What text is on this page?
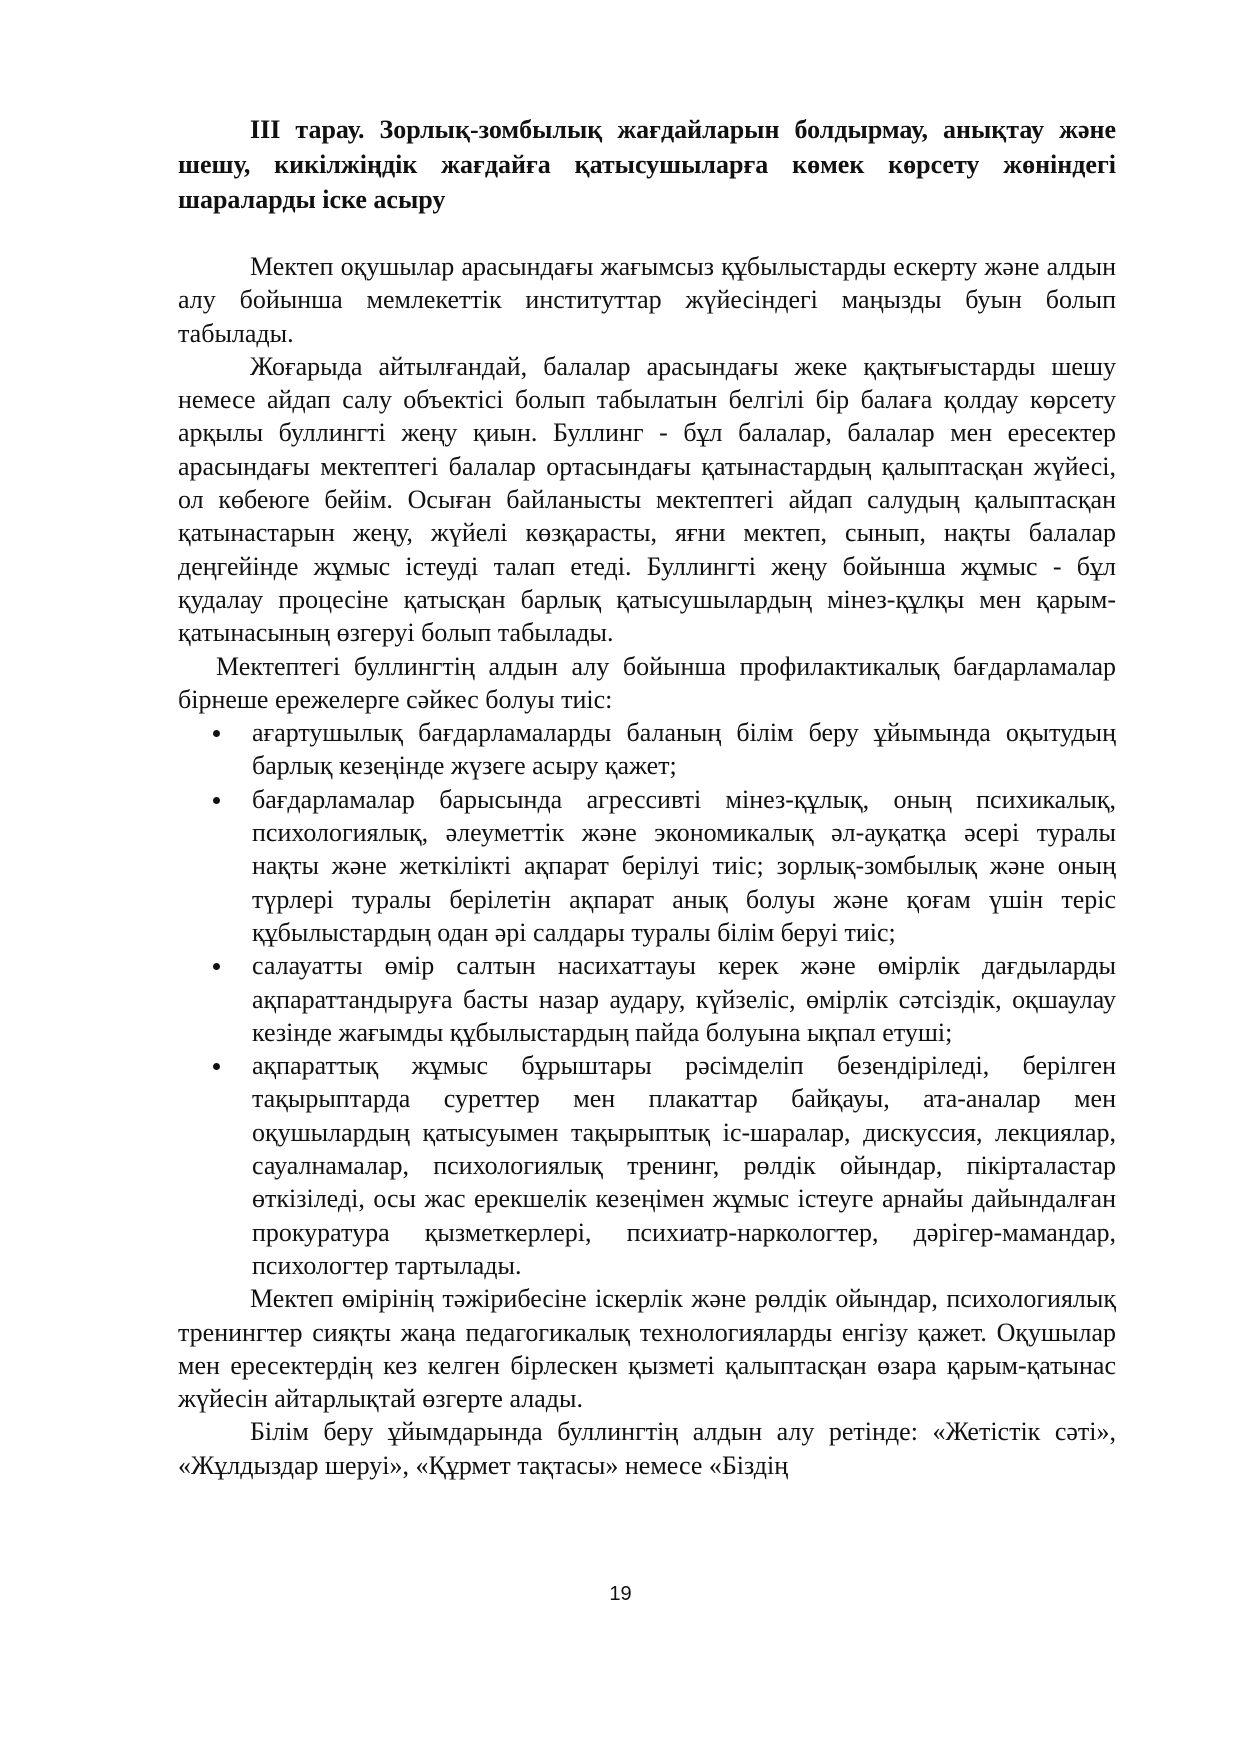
ІІІ тарау. Зорлық-зомбылық жағдайларын болдырмау, анықтау және шешу, кикілжіңдік жағдайға қатысушыларға көмек көрсету жөніндегі шараларды іске асыру

Мектеп оқушылар арасындағы жағымсыз құбылыстарды ескерту және алдын алу бойынша мемлекеттік институттар жүйесіндегі маңызды буын болып табылады.

Жоғарыда айтылғандай, балалар арасындағы жеке қақтығыстарды шешу немесе айдап салу объектісі болып табылатын белгілі бір балаға қолдау көрсету арқылы буллингті жеңу қиын. Буллинг - бұл балалар, балалар мен ересектер арасындағы мектептегі балалар ортасындағы қатынастардың қалыптасқан жүйесі, ол көбеюге бейім. Осыған байланысты мектептегі айдап салудың қалыптасқан қатынастарын жеңу, жүйелі көзқарасты, яғни мектеп, сынып, нақты балалар деңгейінде жұмыс істеуді талап етеді. Буллингті жеңу бойынша жұмыс - бұл қудалау процесіне қатысқан барлық қатысушылардың мінез-құлқы мен қарым-қатынасының өзгеруі болып табылады.

Мектептегі буллингтің алдын алу бойынша профилактикалық бағдарламалар бірнеше ережелерге сәйкес болуы тиіс:

ағартушылық бағдарламаларды баланың білім беру ұйымында оқытудың барлық кезеңінде жүзеге асыру қажет;
бағдарламалар барысында агрессивті мінез-құлық, оның психикалық, психологиялық, әлеуметтік және экономикалық әл-ауқатқа әсері туралы нақты және жеткілікті ақпарат берілуі тиіс; зорлық-зомбылық және оның түрлері туралы берілетін ақпарат анық болуы және қоғам үшін теріс құбылыстардың одан әрі салдары туралы білім беруі тиіс;
салауатты өмір салтын насихаттауы керек және өмірлік дағдыларды ақпараттандыруға басты назар аудару, күйзеліс, өмірлік сәтсіздік, оқшаулау кезінде жағымды құбылыстардың пайда болуына ықпал етуші;
ақпараттық жұмыс бұрыштары рәсімделіп безендіріледі, берілген тақырыптарда суреттер мен плакаттар байқауы, ата-аналар мен оқушылардың қатысуымен тақырыптық іс-шаралар, дискуссия, лекциялар, сауалнамалар, психологиялық тренинг, рөлдік ойындар, пікірталастар өткізіледі, осы жас ерекшелік кезеңімен жұмыс істеуге арнайы дайындалған прокуратура қызметкерлері, психиатр-наркологтер, дәрігер-мамандар, психологтер тартылады.

Мектеп өмірінің тәжірибесіне іскерлік және рөлдік ойындар, психологиялық тренингтер сияқты жаңа педагогикалық технологияларды енгізу қажет. Оқушылар мен ересектердің кез келген бірлескен қызметі қалыптасқан өзара қарым-қатынас жүйесін айтарлықтай өзгерте алады.

Білім беру ұйымдарында буллингтің алдын алу ретінде: «Жетістік сәті», «Жұлдыздар шеруі», «Құрмет тақтасы» немесе «Біздің

19
